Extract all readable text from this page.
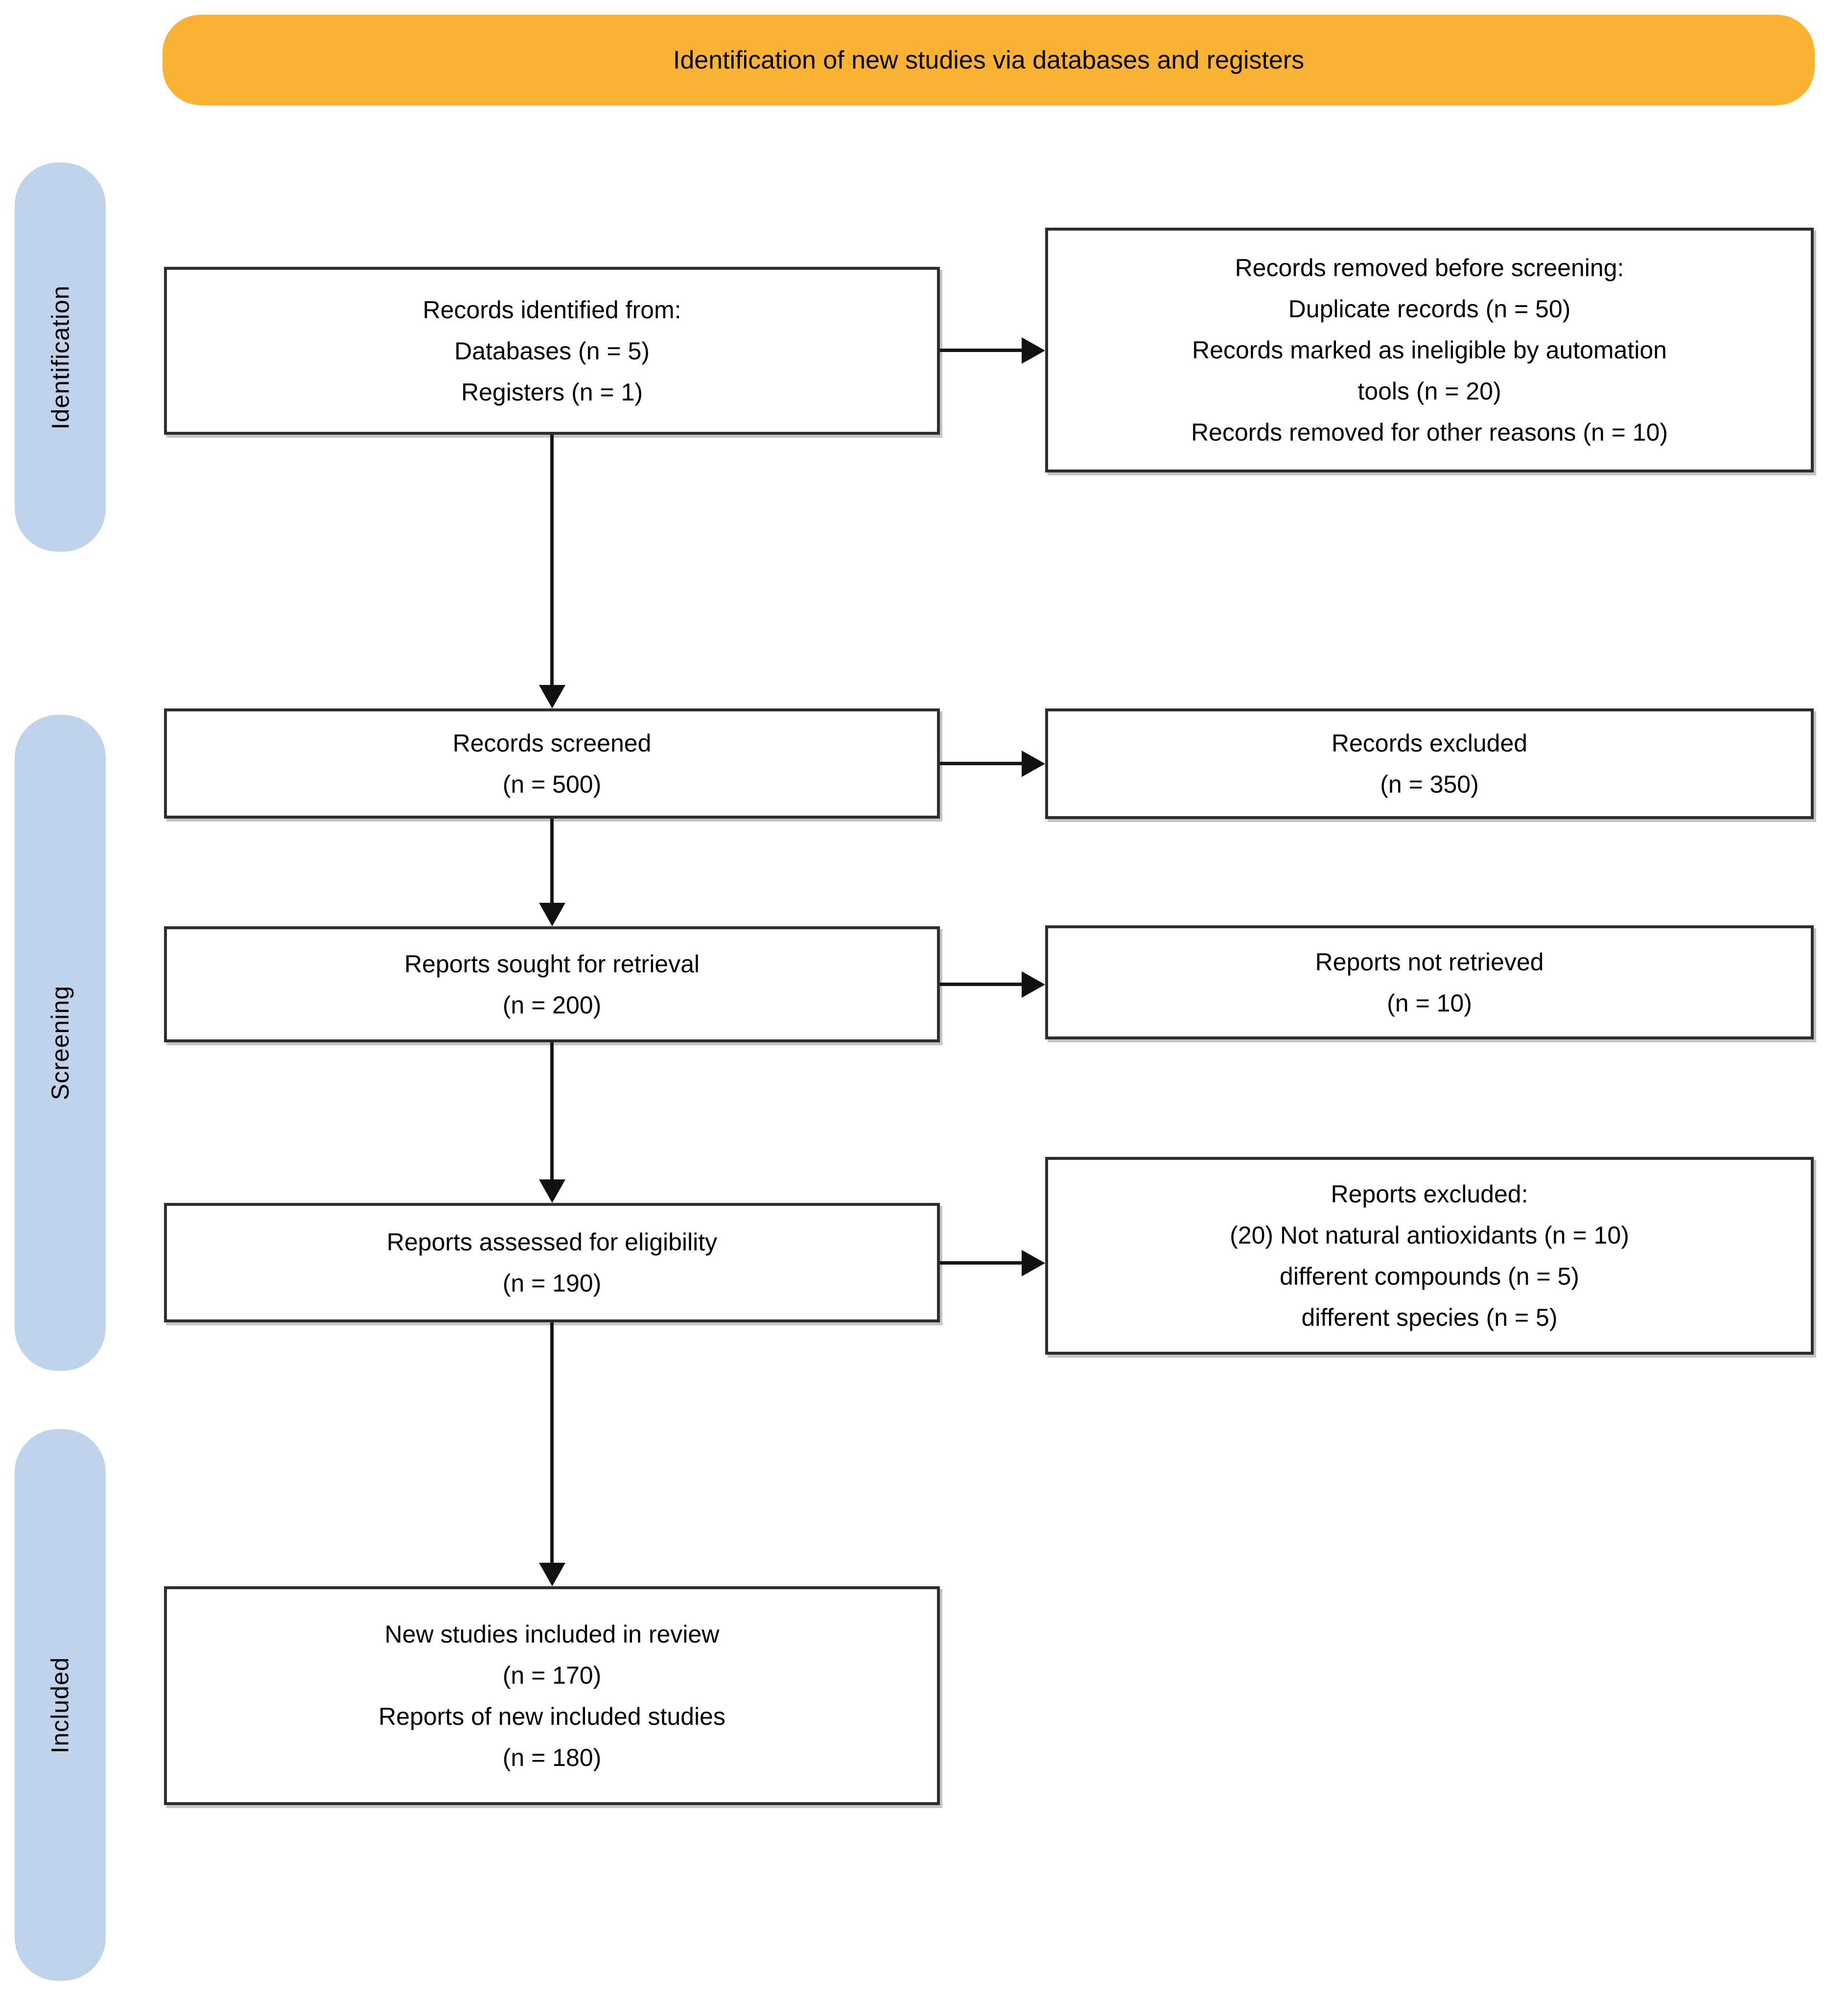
Identification of new studies via databases and registers
Identification
Screening
Included
Records identified from:
Databases (n = 5)
Registers (n = 1)
Records removed before screening:
Duplicate records (n = 50)
Records marked as ineligible by automation
tools (n = 20)
Records removed for other reasons (n = 10)
Records screened
(n = 500)
Records excluded
(n = 350)
Reports sought for retrieval
(n = 200)
Reports not retrieved
(n = 10)
Reports assessed for eligibility
(n = 190)
Reports excluded:
(20) Not natural antioxidants (n = 10)
different compounds (n = 5)
different species (n = 5)
New studies included in review
(n = 170)
Reports of new included studies
(n = 180)
